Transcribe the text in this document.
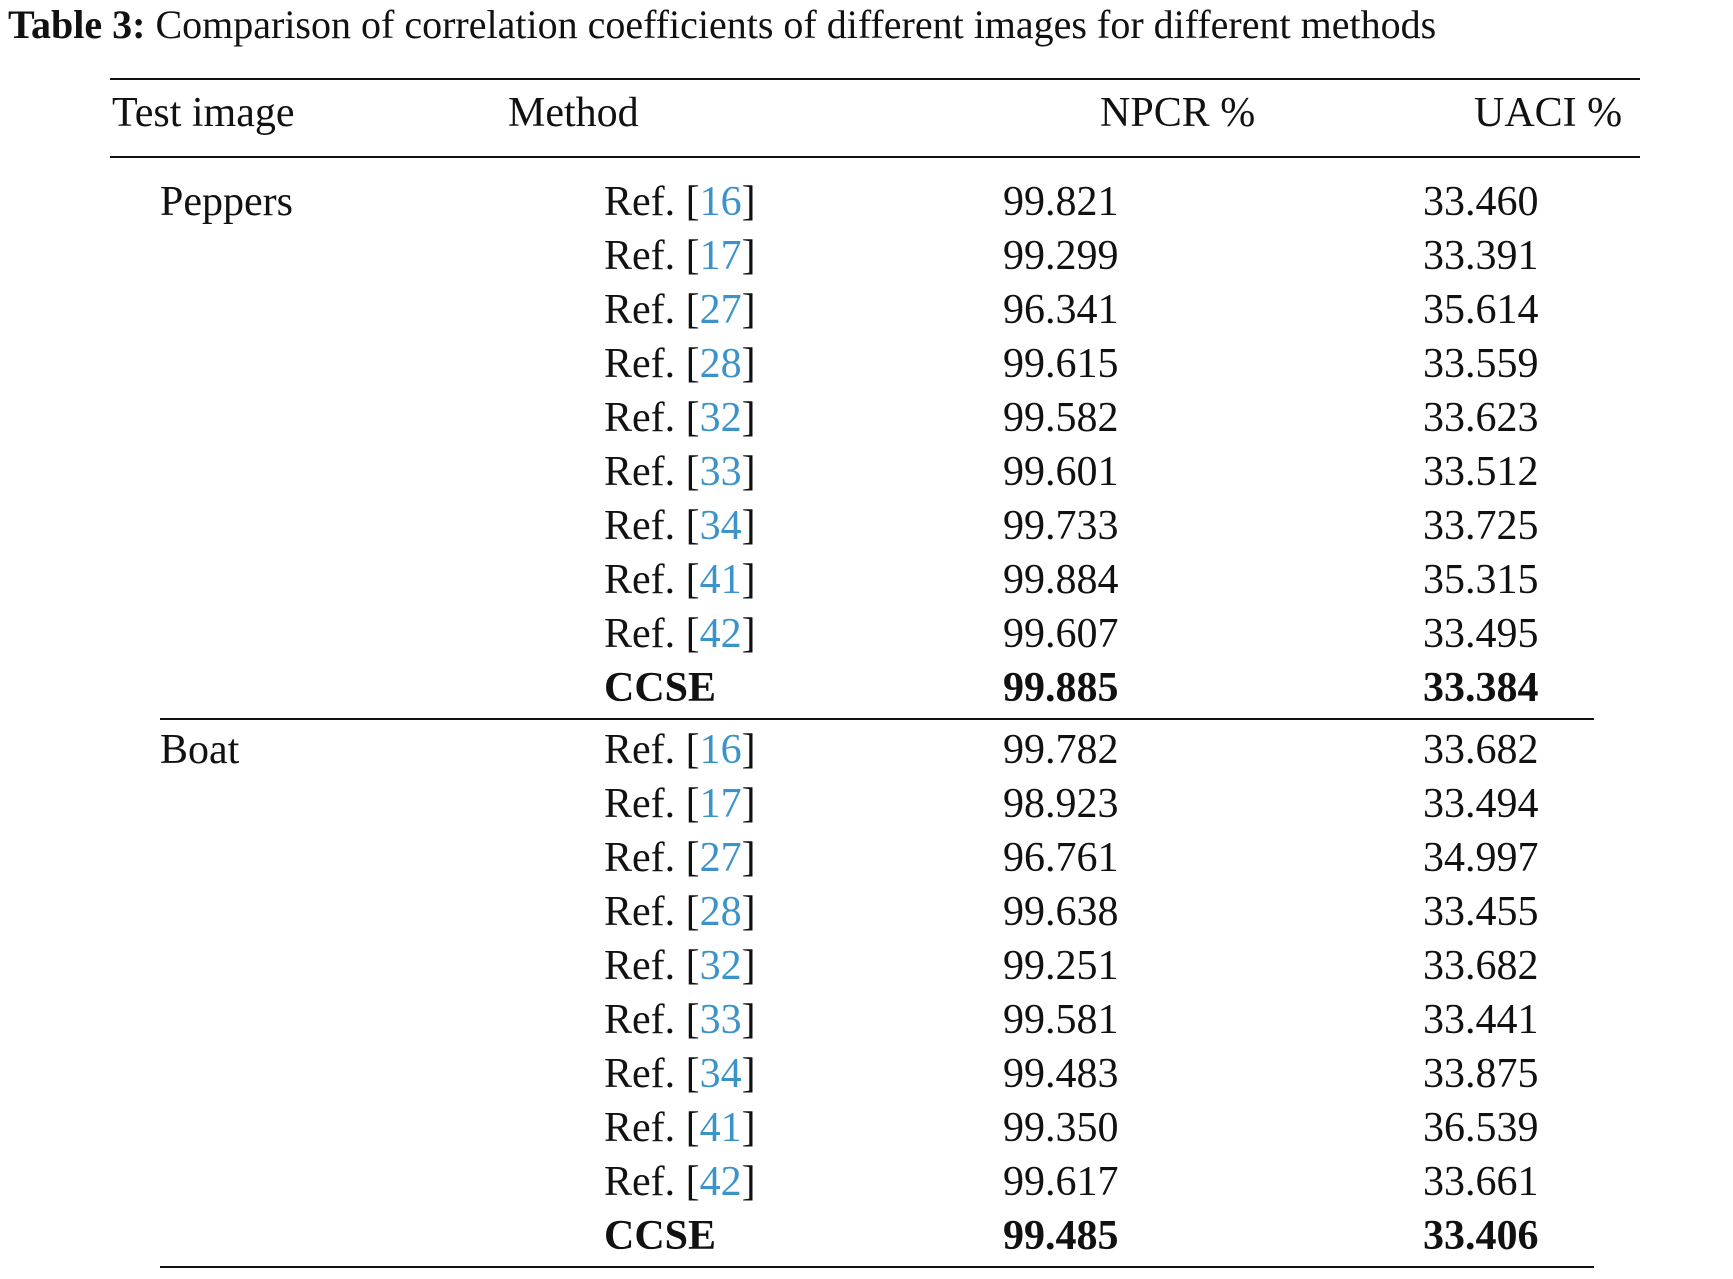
Table 3: Comparison of correlation coefficients of different images for different methods
Test image	Method	NPCR %	UACI %
Peppers	Ref. [16]	99.821	33.460
Ref. [17]	99.299	33.391
Ref. [27]	96.341	35.614
Ref. [28]	99.615	33.559
Ref. [32]	99.582	33.623
Ref. [33]	99.601	33.512
Ref. [34]	99.733	33.725
Ref. [41]	99.884	35.315
Ref. [42]	99.607	33.495
CCSE	99.885	33.384
Boat	Ref. [16]	99.782	33.682
Ref. [17]	98.923	33.494
Ref. [27]	96.761	34.997
Ref. [28]	99.638	33.455
Ref. [32]	99.251	33.682
Ref. [33]	99.581	33.441
Ref. [34]	99.483	33.875
Ref. [41]	99.350	36.539
Ref. [42]	99.617	33.661
CCSE	99.485	33.406
